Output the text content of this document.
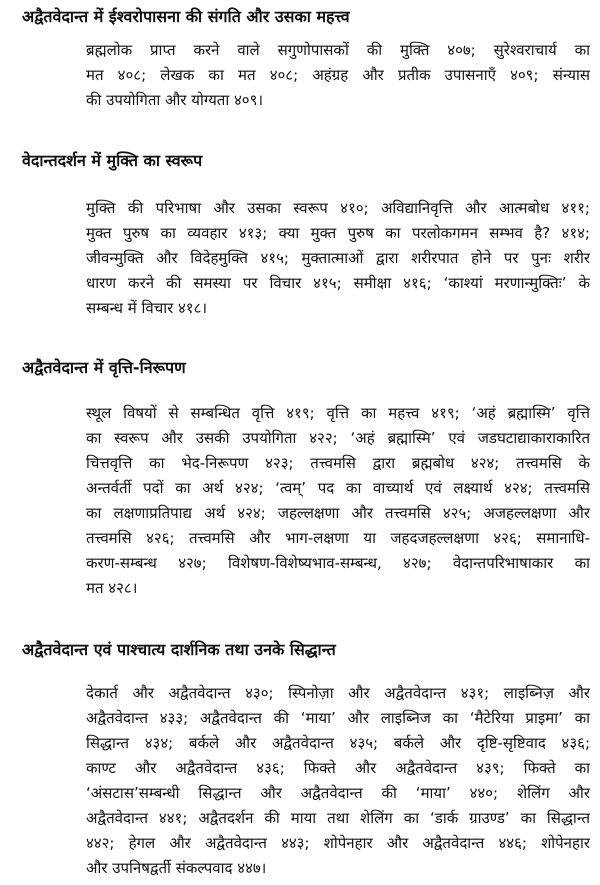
अद्वैतवेदान्त में ईश्वरोपासना की संगति और उसका महत्त्व
ब्रह्मलोक प्राप्त करने वाले सगुणोपासकों की मुक्ति ४०७; सुरेश्वराचार्य का
मत ४०८; लेखक का मत ४०८; अहंग्रह और प्रतीक उपासनाएँ ४०९; संन्यास
की उपयोगिता और योग्यता ४०९।
वेदान्तदर्शन में मुक्ति का स्वरूप
मुक्ति की परिभाषा और उसका स्वरूप ४१०; अविद्यानिवृत्ति और आत्मबोध ४११;
मुक्त पुरुष का व्यवहार ४१३; क्या मुक्त पुरुष का परलोकगमन सम्भव है? ४१४;
जीवन्मुक्ति और विदेहमुक्ति ४१५; मुक्तात्माओं द्वारा शरीरपात होने पर पुनः शरीर
धारण करने की समस्या पर विचार ४१५; समीक्षा ४१६; ‘काश्यां मरणान्मुक्तिः’ के
सम्बन्ध में विचार ४१८।
अद्वैतवेदान्त में वृत्ति-निरूपण
स्थूल विषयों से सम्बन्धित वृत्ति ४१९; वृत्ति का महत्त्व ४१९; ‘अहं ब्रह्मास्मि’ वृत्ति
का स्वरूप और उसकी उपयोगिता ४२२; ‘अहं ब्रह्मास्मि’ एवं जडघटाद्याकाराकारित
चित्तवृत्ति का भेद-निरूपण ४२३; तत्त्वमसि द्वारा ब्रह्मबोध ४२४; तत्त्वमसि के
अन्तर्वर्ती पदों का अर्थ ४२४; ‘त्वम्’ पद का वाच्यार्थ एवं लक्ष्यार्थ ४२४; तत्त्वमसि
का लक्षणाप्रतिपाद्य अर्थ ४२४; जहल्लक्षणा और तत्त्वमसि ४२५; अजहल्लक्षणा और
तत्त्वमसि ४२६; तत्त्वमसि और भाग-लक्षणा या जहदजहल्लक्षणा ४२६; समानाधि-
करण-सम्बन्ध ४२७; विशेषण-विशेष्यभाव-सम्बन्ध, ४२७; वेदान्तपरिभाषाकार का
मत ४२८।
अद्वैतवेदान्त एवं पाश्चात्य दार्शनिक तथा उनके सिद्धान्त
देकार्त और अद्वैतवेदान्त ४३०; स्पिनोज़ा और अद्वैतवेदान्त ४३१; लाइब्निज़ और
अद्वैतवेदान्त ४३३; अद्वैतवेदान्त की ‘माया’ और लाइब्निज का ‘मैटेरिया प्राइमा’ का
सिद्धान्त ४३४; बर्कले और अद्वैतवेदान्त ४३५; बर्कले और दृष्टि-सृष्टिवाद ४३६;
काण्ट और अद्वैतवेदान्त ४३६; फिक्ते और अद्वैतवेदान्त ४३९; फिक्ते का
‘अंसटास’सम्बन्धी सिद्धान्त और अद्वैतवेदान्त की ‘माया’ ४४०; शेलिंग और
अद्वैतवेदान्त ४४१; अद्वैतदर्शन की माया तथा शेलिंग का ‘डार्क ग्राउण्ड’ का सिद्धान्त
४४२; हेगल और अद्वैतवेदान्त ४४३; शोपेनहार और अद्वैतवेदान्त ४४६; शोपेनहार
और उपनिषद्वर्ती संकल्पवाद ४४७।
